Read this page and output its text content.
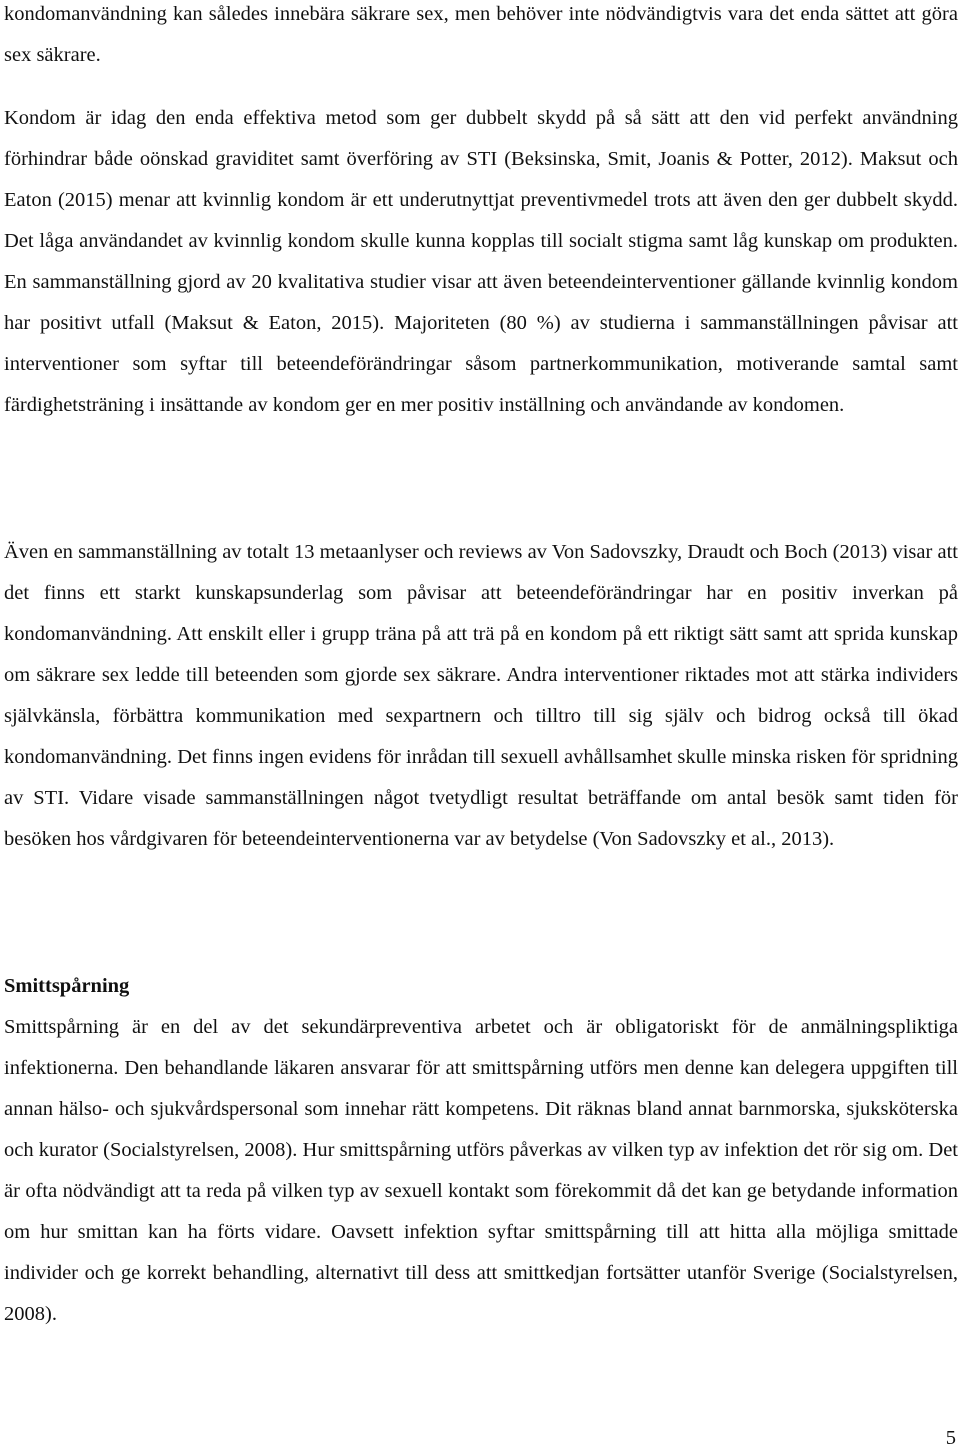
kondomanvändning kan således innebära säkrare sex, men behöver inte nödvändigtvis vara det enda sättet att göra sex säkrare.

Kondom är idag den enda effektiva metod som ger dubbelt skydd på så sätt att den vid perfekt användning förhindrar både oönskad graviditet samt överföring av STI (Beksinska, Smit, Joanis & Potter, 2012). Maksut och Eaton (2015) menar att kvinnlig kondom är ett underutnyttjat preventivmedel trots att även den ger dubbelt skydd. Det låga användandet av kvinnlig kondom skulle kunna kopplas till socialt stigma samt låg kunskap om produkten. En sammanställning gjord av 20 kvalitativa studier visar att även beteendeinterventioner gällande kvinnlig kondom har positivt utfall (Maksut & Eaton, 2015). Majoriteten (80 %) av studierna i sammanställningen påvisar att interventioner som syftar till beteendeförändringar såsom partnerkommunikation, motiverande samtal samt färdighetsträning i insättande av kondom ger en mer positiv inställning och användande av kondomen.

Även en sammanställning av totalt 13 metaanlyser och reviews av Von Sadovszky, Draudt och Boch (2013) visar att det finns ett starkt kunskapsunderlag som påvisar att beteendeförändringar har en positiv inverkan på kondomanvändning. Att enskilt eller i grupp träna på att trä på en kondom på ett riktigt sätt samt att sprida kunskap om säkrare sex ledde till beteenden som gjorde sex säkrare. Andra interventioner riktades mot att stärka individers självkänsla, förbättra kommunikation med sexpartnern och tilltro till sig själv och bidrog också till ökad kondomanvändning. Det finns ingen evidens för inrådan till sexuell avhållsamhet skulle minska risken för spridning av STI. Vidare visade sammanställningen något tvetydligt resultat beträffande om antal besök samt tiden för besöken hos vårdgivaren för beteendeinterventionerna var av betydelse (Von Sadovszky et al., 2013).

Smittspårning

Smittspårning är en del av det sekundärpreventiva arbetet och är obligatoriskt för de anmälningspliktiga infektionerna. Den behandlande läkaren ansvarar för att smittspårning utförs men denne kan delegera uppgiften till annan hälso- och sjukvårdspersonal som innehar rätt kompetens. Dit räknas bland annat barnmorska, sjuksköterska och kurator (Socialstyrelsen, 2008). Hur smittspårning utförs påverkas av vilken typ av infektion det rör sig om. Det är ofta nödvändigt att ta reda på vilken typ av sexuell kontakt som förekommit då det kan ge betydande information om hur smittan kan ha förts vidare. Oavsett infektion syftar smittspårning till att hitta alla möjliga smittade individer och ge korrekt behandling, alternativt till dess att smittkedjan fortsätter utanför Sverige (Socialstyrelsen, 2008).

5
